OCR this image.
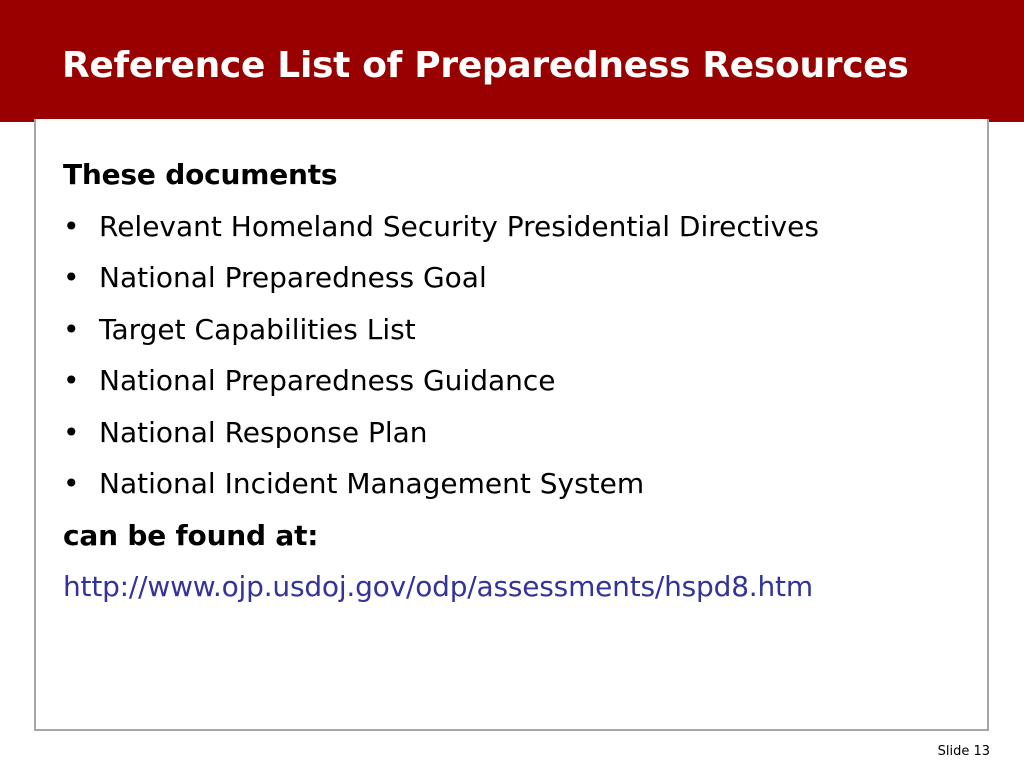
Reference List of Preparedness Resources
These documents
• Relevant Homeland Security Presidential Directives
• National Preparedness Goal
• Target Capabilities List
• National Preparedness Guidance
• National Response Plan
• National Incident Management System
can be found at:
http://www.ojp.usdoj.gov/odp/assessments/hspd8.htm
Slide 13
